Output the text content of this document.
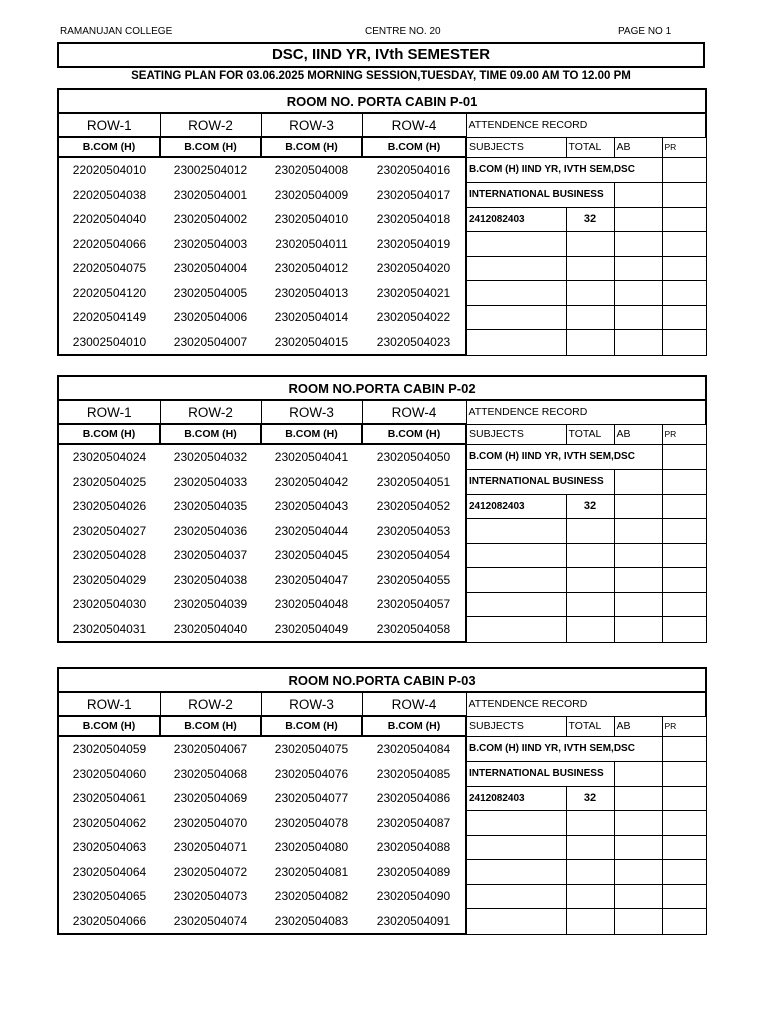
RAMANUJAN COLLEGE	CENTRE NO. 20	PAGE NO 1
DSC, IIND YR, IVth SEMESTER
SEATING PLAN FOR 03.06.2025 MORNING SESSION,TUESDAY, TIME 09.00 AM TO 12.00 PM
ROOM NO. PORTA CABIN P-01							
ROW-1	ROW-2	ROW-3	ROW-4	ATTENDENCE RECORD			
B.COM (H)	B.COM (H)	B.COM (H)	B.COM (H)	SUBJECTS	TOTAL	AB	PR
22020504010	23002504012	23020504008	23020504016	B.COM (H) IIND YR, IVTH SEM,DSC			
22020504038	23020504001	23020504009	23020504017	INTERNATIONAL BUSINESS			
22020504040	23020504002	23020504010	23020504018	2412082403	32		
22020504066	23020504003	23020504011	23020504019				
22020504075	23020504004	23020504012	23020504020				
22020504120	23020504005	23020504013	23020504021				
22020504149	23020504006	23020504014	23020504022				
23002504010	23020504007	23020504015	23020504023				
ROOM NO.PORTA CABIN P-02							
ROW-1	ROW-2	ROW-3	ROW-4	ATTENDENCE RECORD			
B.COM (H)	B.COM (H)	B.COM (H)	B.COM (H)	SUBJECTS	TOTAL	AB	PR
23020504024	23020504032	23020504041	23020504050	B.COM (H) IIND YR, IVTH SEM,DSC			
23020504025	23020504033	23020504042	23020504051	INTERNATIONAL BUSINESS			
23020504026	23020504035	23020504043	23020504052	2412082403	32		
23020504027	23020504036	23020504044	23020504053				
23020504028	23020504037	23020504045	23020504054				
23020504029	23020504038	23020504047	23020504055				
23020504030	23020504039	23020504048	23020504057				
23020504031	23020504040	23020504049	23020504058				
ROOM NO.PORTA CABIN P-03							
ROW-1	ROW-2	ROW-3	ROW-4	ATTENDENCE RECORD			
B.COM (H)	B.COM (H)	B.COM (H)	B.COM (H)	SUBJECTS	TOTAL	AB	PR
23020504059	23020504067	23020504075	23020504084	B.COM (H) IIND YR, IVTH SEM,DSC			
23020504060	23020504068	23020504076	23020504085	INTERNATIONAL BUSINESS			
23020504061	23020504069	23020504077	23020504086	2412082403	32		
23020504062	23020504070	23020504078	23020504087				
23020504063	23020504071	23020504080	23020504088				
23020504064	23020504072	23020504081	23020504089				
23020504065	23020504073	23020504082	23020504090				
23020504066	23020504074	23020504083	23020504091				
